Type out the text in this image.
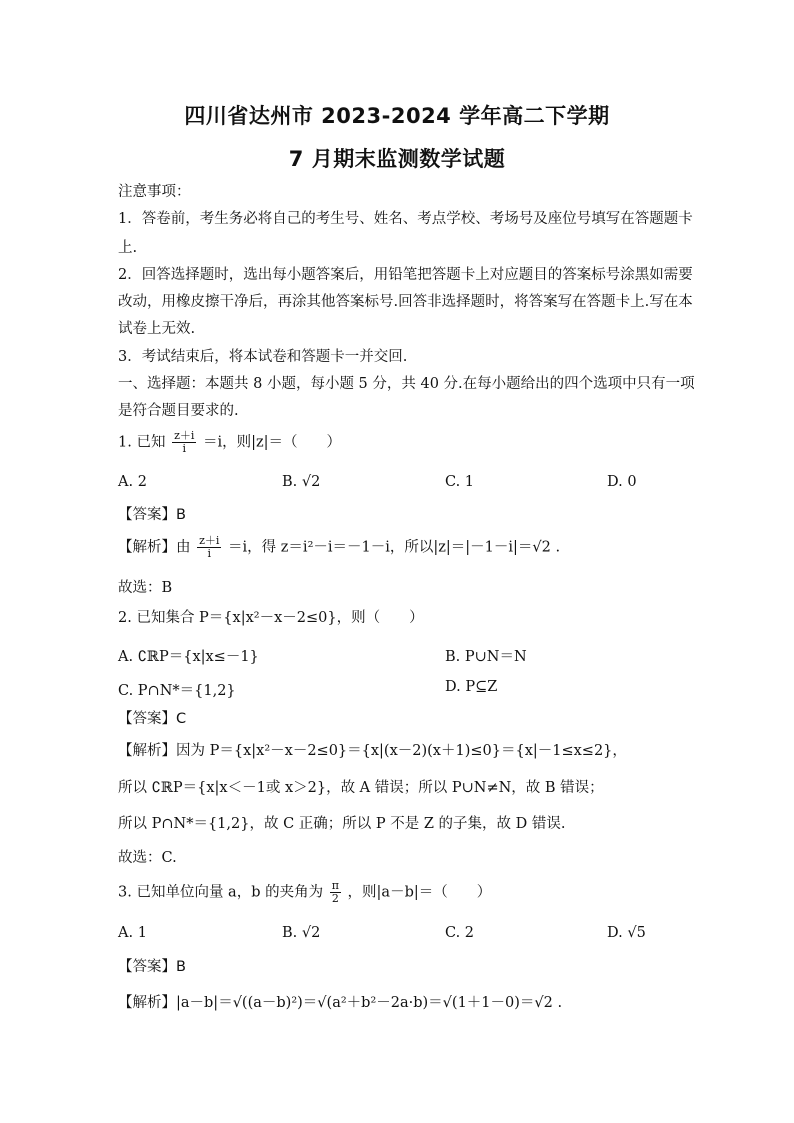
四川省达州市 2023-2024 学年高二下学期
7 月期末监测数学试题
注意事项：
1．答卷前，考生务必将自己的考生号、姓名、考点学校、考场号及座位号填写在答题题卡
上.
2．回答选择题时，选出每小题答案后，用铅笔把答题卡上对应题目的答案标号涂黑如需要
改动，用橡皮擦干净后，再涂其他答案标号.回答非选择题时，将答案写在答题卡上.写在本
试卷上无效.
3．考试结束后，将本试卷和答题卡一并交回.
一、选择题：本题共 8 小题，每小题 5 分，共 40 分.在每小题给出的四个选项中只有一项
是符合题目要求的.
1. 已知 $\frac{z+i}{i} =i$，则|z|＝（　　）
A. 2	B. √2	C. 1	D. 0
【答案】B
【解析】由 $\frac{z+i}{i} =i$，得 z＝i²－i＝－1－i，所以|z|＝|－1－i|＝√2 .
故选：B
2. 已知集合 P＝{x|x²－x－2≤0}，则（　　）
A. ∁ℝP＝{x|x≤－1}	B. P∪N＝N
C. P∩N*＝{1,2}	D. P⊆Z
【答案】C
【解析】因为 P＝{x|x²－x－2≤0}＝{x|(x－2)(x＋1)≤0}＝{x|－1≤x≤2}，
所以 ∁ℝP＝{x|x＜－1或 x＞2}，故 A 错误；所以 P∪N≠N，故 B 错误；
所以 P∩N*＝{1,2}，故 C 正确；所以 P 不是 Z 的子集，故 D 错误.
故选：C.
3. 已知单位向量 a，b 的夹角为 $\frac{\pi}{2}$ ，则|a－b|＝（　　）
A. 1	B. √2	C. 2	D. √5
【答案】B
【解析】|a－b|＝√((a－b)²)＝√(a²＋b²－2a·b)＝√(1＋1－0)＝√2 .
